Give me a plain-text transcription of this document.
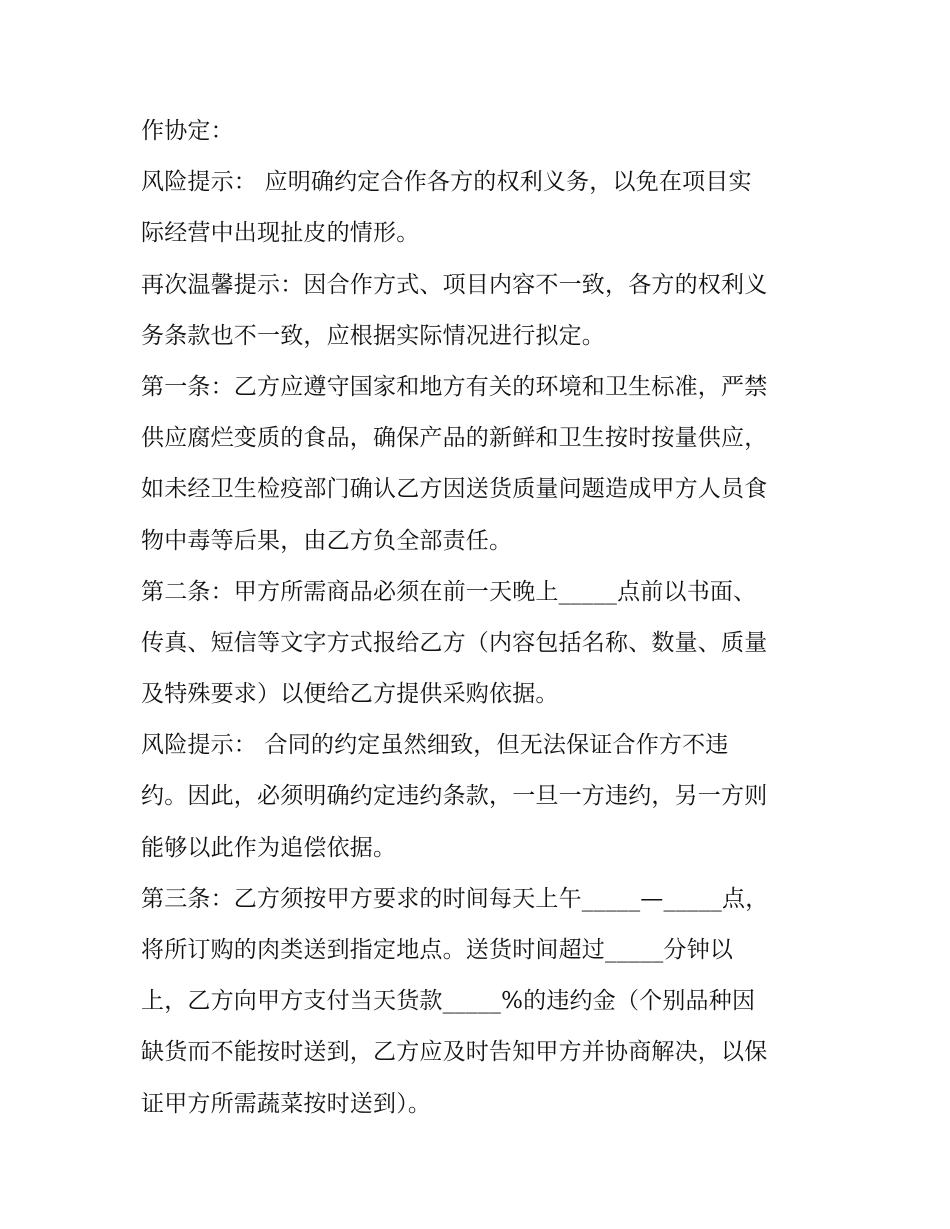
作协定：
风险提示： 应明确约定合作各方的权利义务，以免在项目实
际经营中出现扯皮的情形。
再次温馨提示：因合作方式、项目内容不一致，各方的权利义
务条款也不一致，应根据实际情况进行拟定。
第一条：乙方应遵守国家和地方有关的环境和卫生标准，严禁
供应腐烂变质的食品，确保产品的新鲜和卫生按时按量供应，
如未经卫生检疫部门确认乙方因送货质量问题造成甲方人员食
物中毒等后果，由乙方负全部责任。
第二条：甲方所需商品必须在前一天晚上_____点前以书面、
传真、短信等文字方式报给乙方（内容包括名称、数量、质量
及特殊要求）以便给乙方提供采购依据。
风险提示： 合同的约定虽然细致，但无法保证合作方不违
约。因此，必须明确约定违约条款，一旦一方违约，另一方则
能够以此作为追偿依据。
第三条：乙方须按甲方要求的时间每天上午_____—_____点，
将所订购的肉类送到指定地点。送货时间超过_____分钟以
上，乙方向甲方支付当天货款_____%的违约金（个别品种因
缺货而不能按时送到，乙方应及时告知甲方并协商解决，以保
证甲方所需蔬菜按时送到）。
